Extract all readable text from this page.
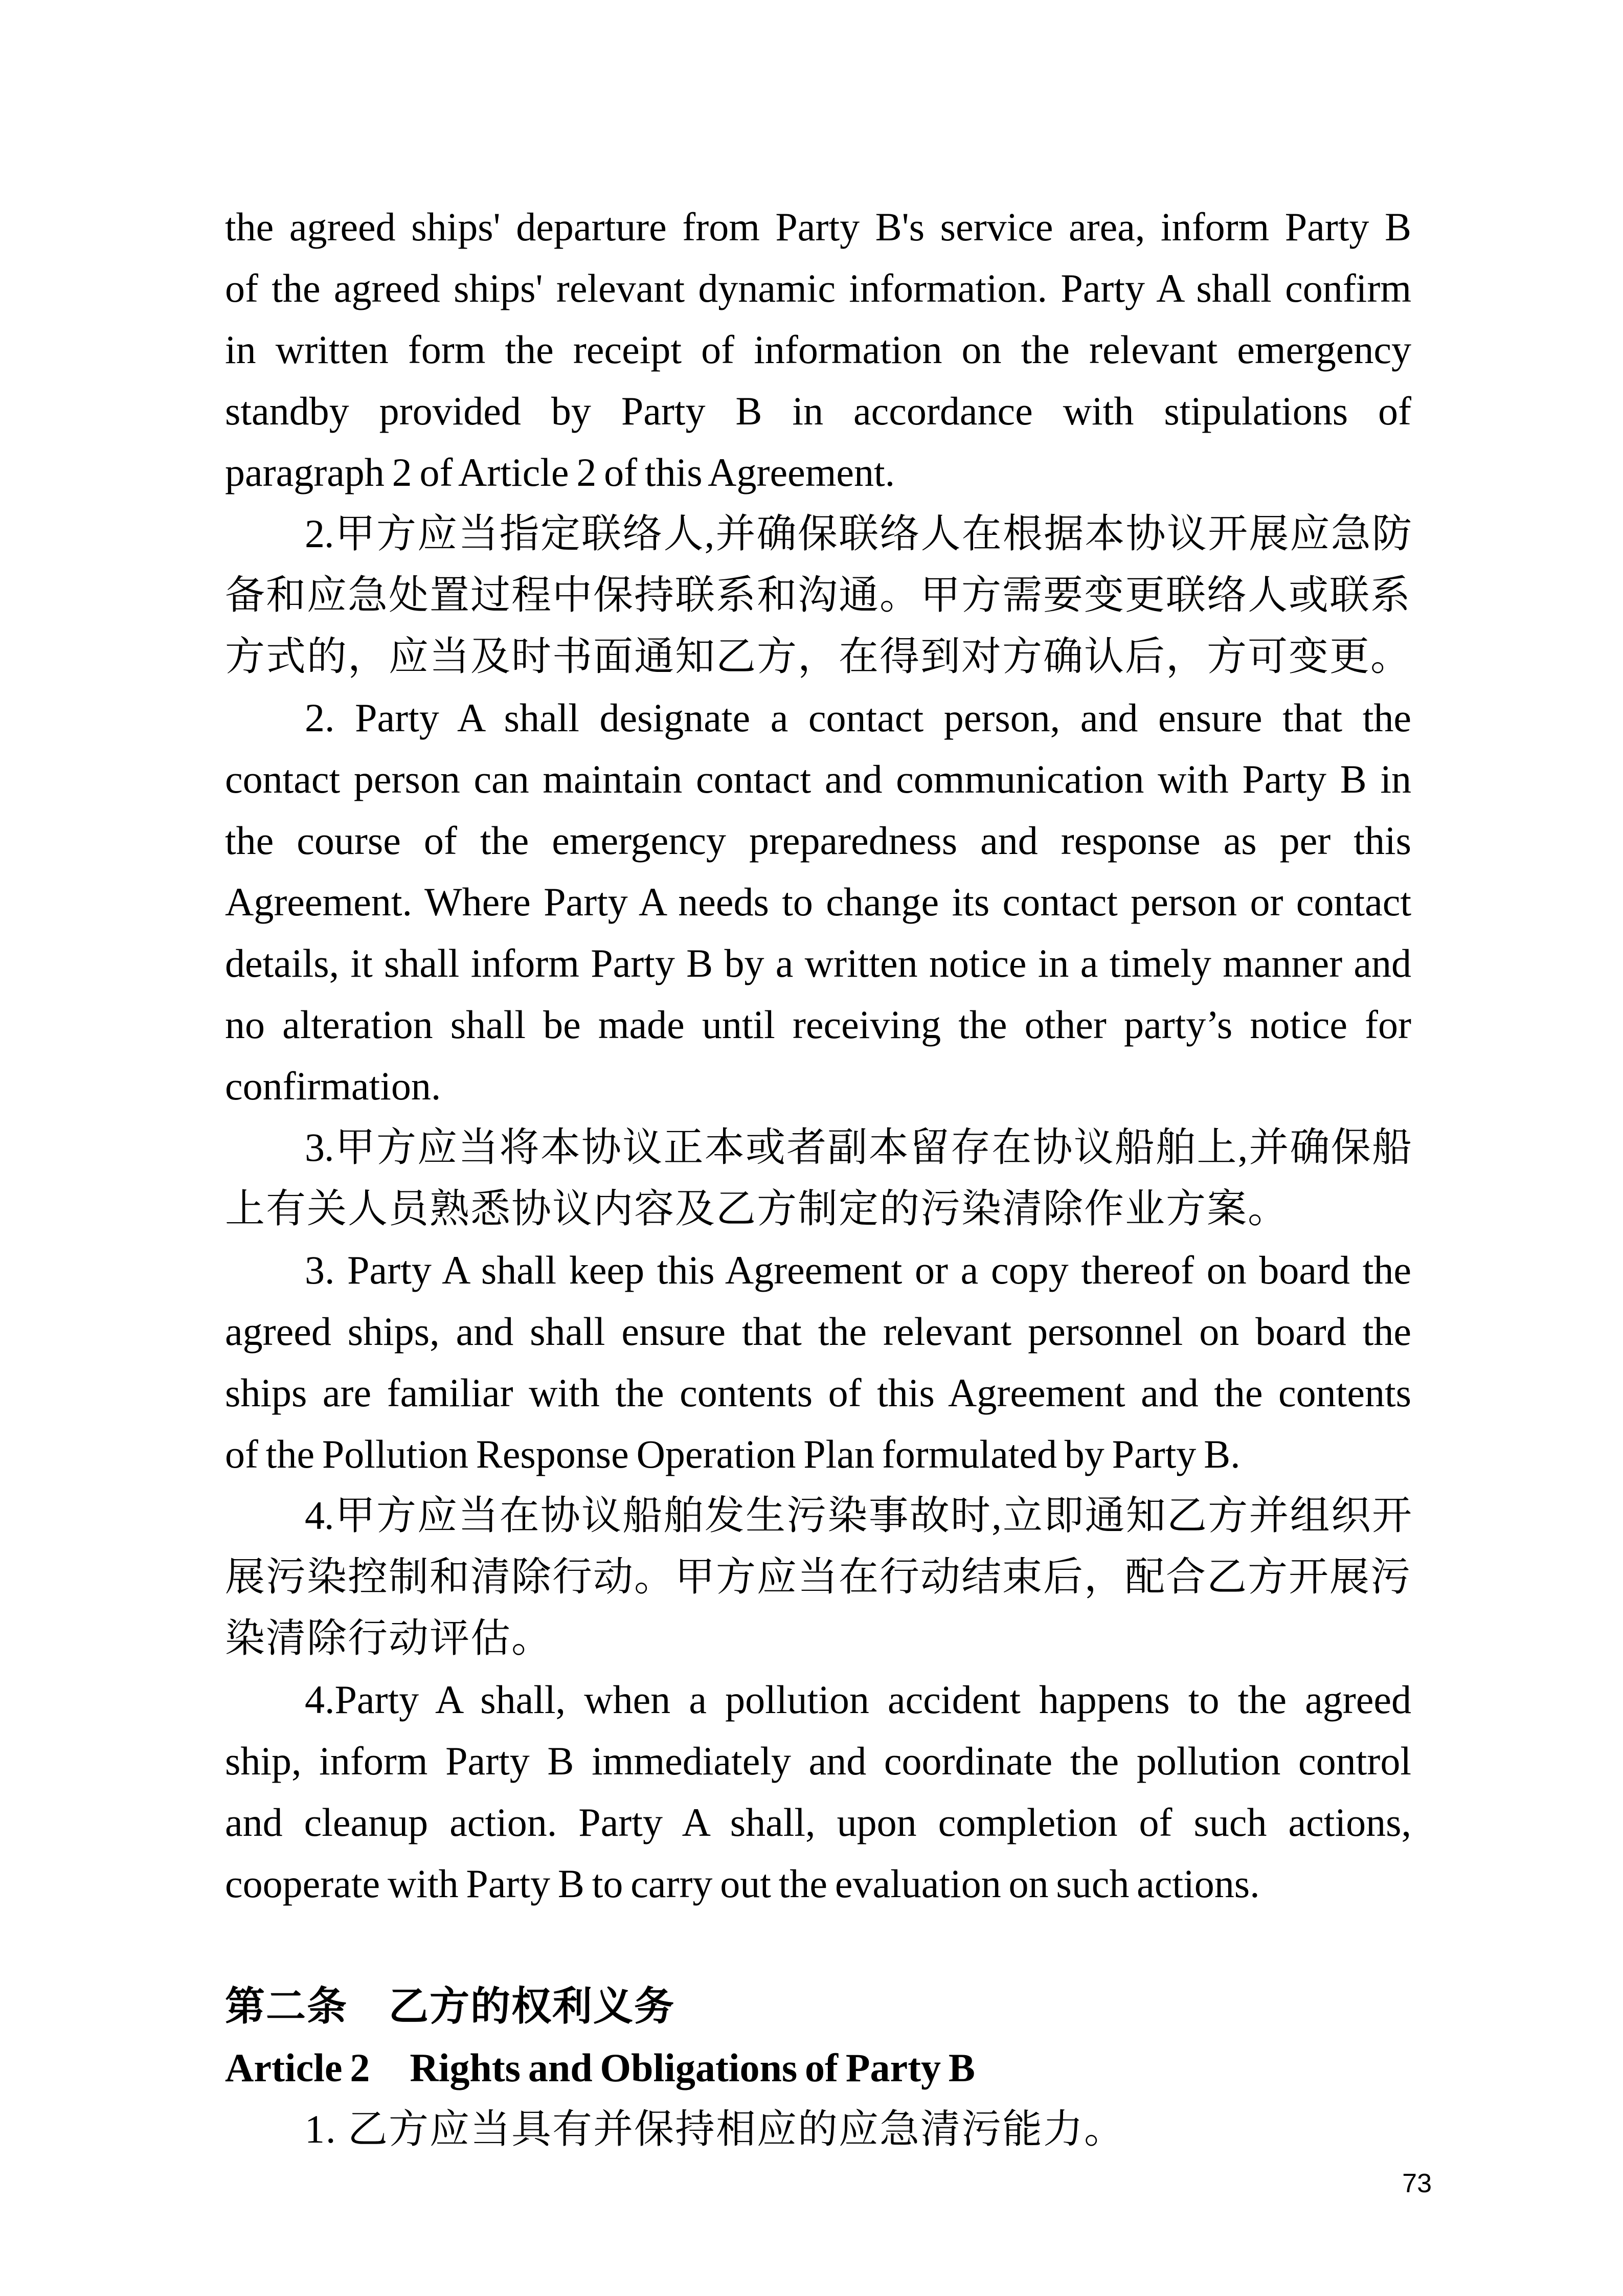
the agreed ships' departure from Party B's service area, inform Party B
of the agreed ships' relevant dynamic information. Party A shall confirm
in written form the receipt of information on the relevant emergency
standby provided by Party B in accordance with stipulations of
paragraph 2 of Article 2 of this Agreement.
2.甲方应当指定联络人,并确保联络人在根据本协议开展应急防
备和应急处置过程中保持联系和沟通。甲方需要变更联络人或联系
方式的，应当及时书面通知乙方，在得到对方确认后，方可变更。
2. Party A shall designate a contact person, and ensure that the
contact person can maintain contact and communication with Party B in
the course of the emergency preparedness and response as per this
Agreement. Where Party A needs to change its contact person or contact
details, it shall inform Party B by a written notice in a timely manner and
no alteration shall be made until receiving the other party’s notice for
confirmation.
3.甲方应当将本协议正本或者副本留存在协议船舶上,并确保船
上有关人员熟悉协议内容及乙方制定的污染清除作业方案。
3. Party A shall keep this Agreement or a copy thereof on board the
agreed ships, and shall ensure that the relevant personnel on board the
ships are familiar with the contents of this Agreement and the contents
of the Pollution Response Operation Plan formulated by Party B.
4.甲方应当在协议船舶发生污染事故时,立即通知乙方并组织开
展污染控制和清除行动。甲方应当在行动结束后，配合乙方开展污
染清除行动评估。
4.Party A shall, when a pollution accident happens to the agreed
ship, inform Party B immediately and coordinate the pollution control
and cleanup action. Party A shall, upon completion of such actions,
cooperate with Party B to carry out the evaluation on such actions.
第二条　乙方的权利义务
Article 2 Rights and Obligations of Party B
1. 乙方应当具有并保持相应的应急清污能力。
73
